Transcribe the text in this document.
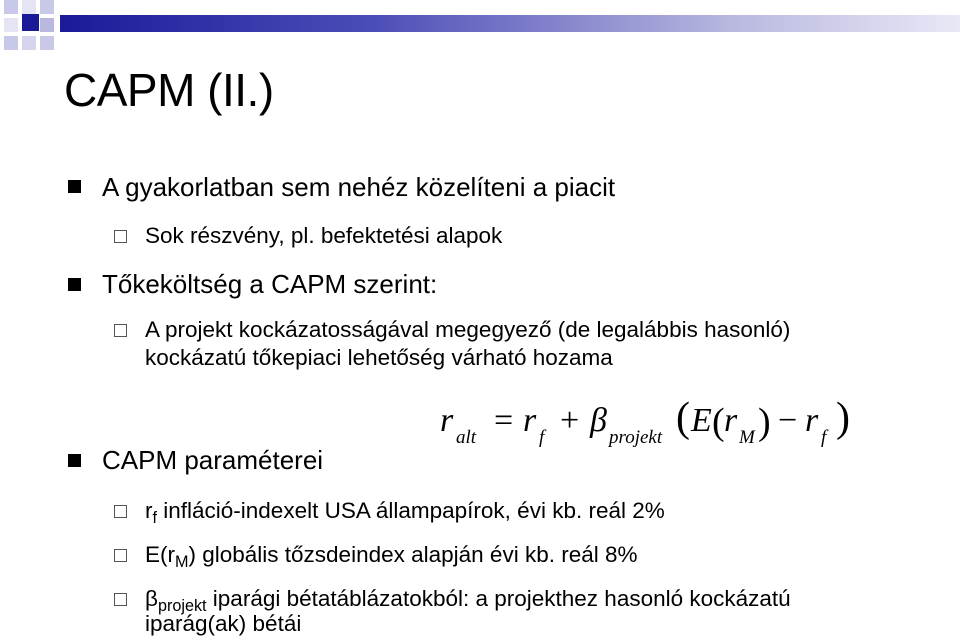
CAPM (II.)
A gyakorlatban sem nehéz közelíteni a piacit
Sok részvény, pl. befektetési alapok
Tőkeköltség a CAPM szerint:
A projekt kockázatosságával megegyező (de legalábbis hasonló)
kockázatú tőkepiaci lehetőség várható hozama
CAPM paraméterei
r alt = r f + β projekt ( E ( r M ) − r f )
$r_f$ infláció-indexelt USA állampapírok, évi kb. reál 2%
$E(r_M)$ globális tőzsdeindex alapján évi kb. reál 8%
$\beta_{projekt}$ iparági bétatáblázatokból: a projekthez hasonló kockázatú
iparág(ak) bétái
